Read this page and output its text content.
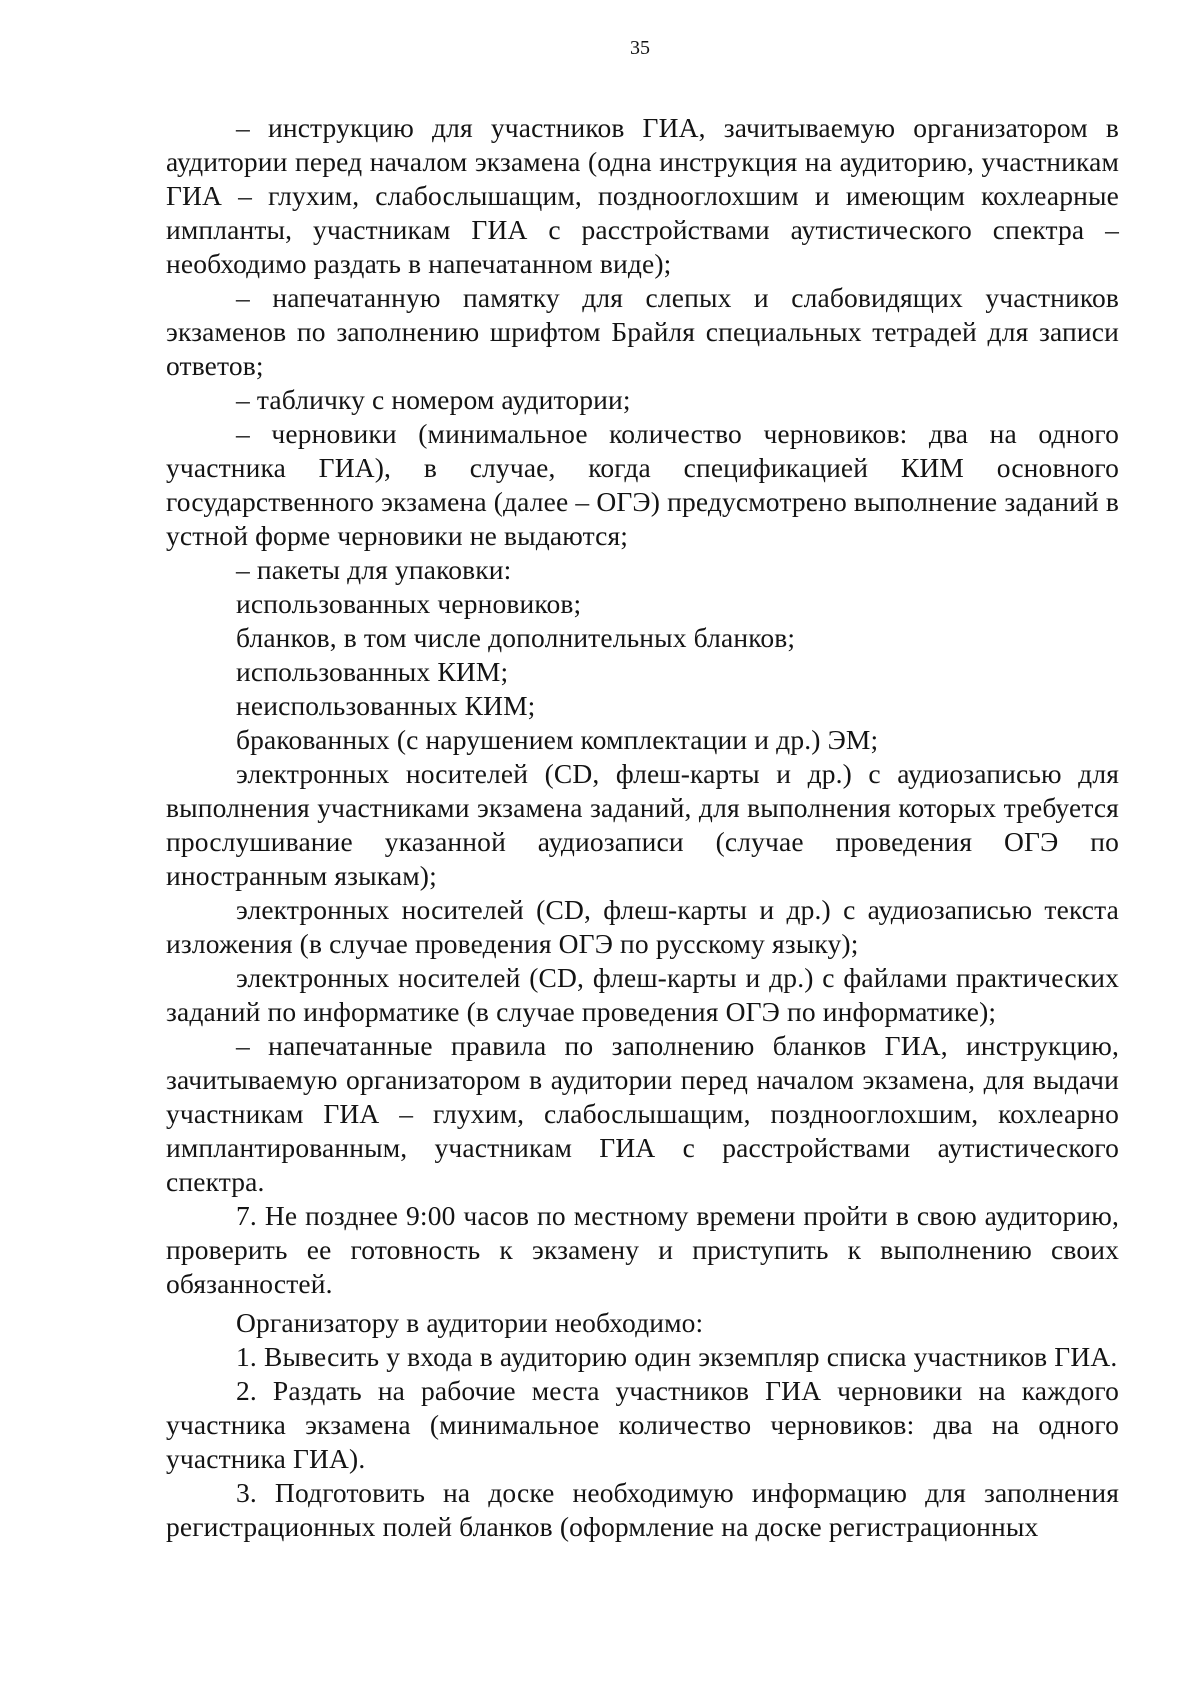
35

– инструкцию для участников ГИА, зачитываемую организатором в аудитории перед началом экзамена (одна инструкция на аудиторию, участникам ГИА – глухим, слабослышащим, позднооглохшим и имеющим кохлеарные импланты, участникам ГИА с расстройствами аутистического спектра – необходимо раздать в напечатанном виде);

– напечатанную памятку для слепых и слабовидящих участников экзаменов по заполнению шрифтом Брайля специальных тетрадей для записи ответов;

– табличку с номером аудитории;

– черновики (минимальное количество черновиков: два на одного участника ГИА), в случае, когда спецификацией КИМ основного государственного экзамена (далее – ОГЭ) предусмотрено выполнение заданий в устной форме черновики не выдаются;

– пакеты для упаковки:

использованных черновиков;

бланков, в том числе дополнительных бланков;

использованных КИМ;

неиспользованных КИМ;

бракованных (с нарушением комплектации и др.) ЭМ;

электронных носителей (CD, флеш-карты и др.) с аудиозаписью для выполнения участниками экзамена заданий, для выполнения которых требуется прослушивание указанной аудиозаписи (случае проведения ОГЭ по иностранным языкам);

электронных носителей (CD, флеш-карты и др.) с аудиозаписью текста изложения (в случае проведения ОГЭ по русскому языку);

электронных носителей (CD, флеш-карты и др.) с файлами практических заданий по информатике (в случае проведения ОГЭ по информатике);

– напечатанные правила по заполнению бланков ГИА, инструкцию, зачитываемую организатором в аудитории перед началом экзамена, для выдачи участникам ГИА – глухим, слабослышащим, позднооглохшим, кохлеарно имплантированным, участникам ГИА с расстройствами аутистического спектра.

7. Не позднее 9:00 часов по местному времени пройти в свою аудиторию, проверить ее готовность к экзамену и приступить к выполнению своих обязанностей.

Организатору в аудитории необходимо:

1. Вывесить у входа в аудиторию один экземпляр списка участников ГИА.

2. Раздать на рабочие места участников ГИА черновики на каждого участника экзамена (минимальное количество черновиков: два на одного участника ГИА).

3. Подготовить на доске необходимую информацию для заполнения регистрационных полей бланков (оформление на доске регистрационных
